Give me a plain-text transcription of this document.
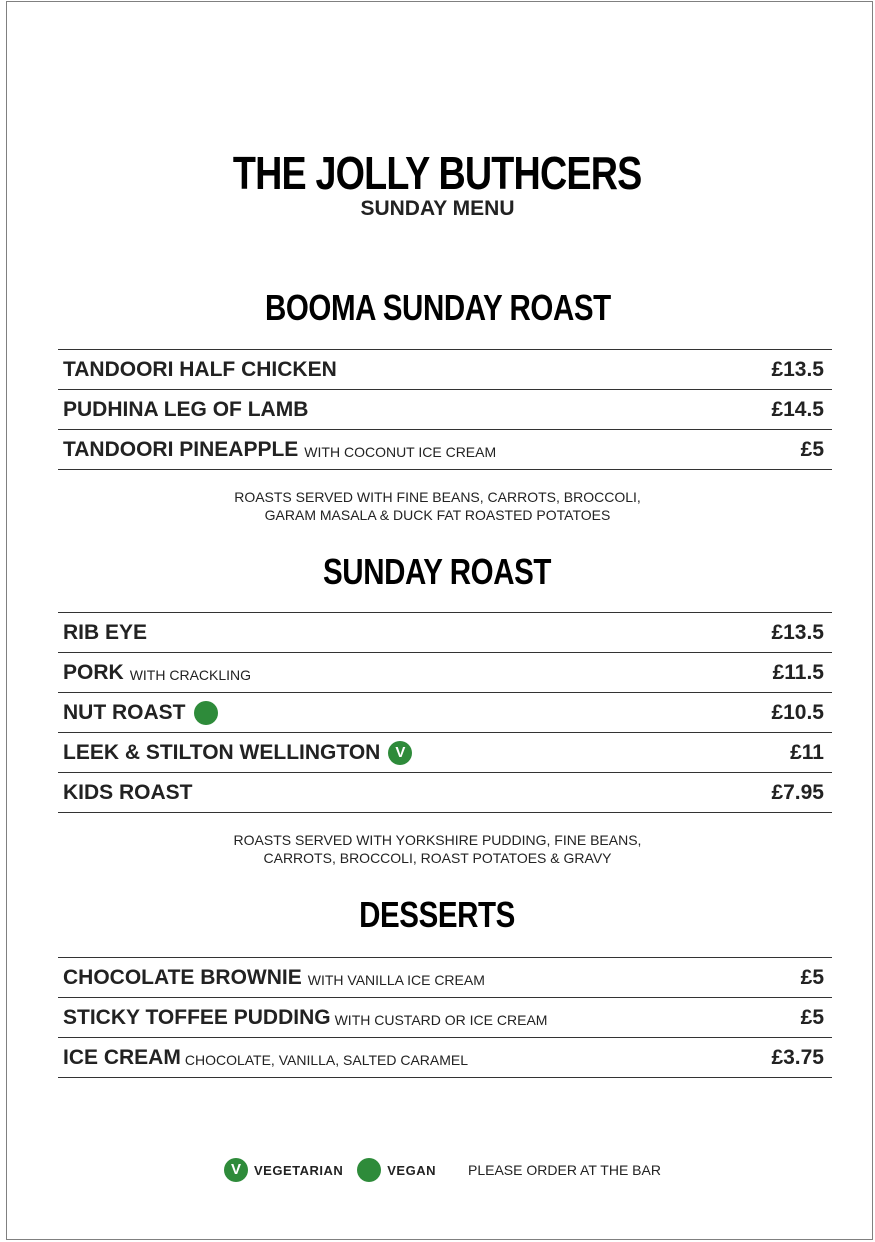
THE JOLLY BUTHCERS
SUNDAY MENU
BOOMA SUNDAY ROAST
TANDOORI HALF CHICKEN	£13.5
PUDHINA LEG OF LAMB	£14.5
TANDOORI PINEAPPLE WITH COCONUT ICE CREAM	£5
ROASTS SERVED WITH FINE BEANS, CARROTS, BROCCOLI,
GARAM MASALA & DUCK FAT ROASTED POTATOES
SUNDAY ROAST
RIB EYE	£13.5
PORK WITH CRACKLING	£11.5
NUT ROAST	£10.5
LEEK & STILTON WELLINGTON V	£11
KIDS ROAST	£7.95
ROASTS SERVED WITH YORKSHIRE PUDDING, FINE BEANS,
CARROTS, BROCCOLI, ROAST POTATOES & GRAVY
DESSERTS
CHOCOLATE BROWNIE WITH VANILLA ICE CREAM	£5
STICKY TOFFEE PUDDING WITH CUSTARD OR ICE CREAM	£5
ICE CREAM CHOCOLATE, VANILLA, SALTED CARAMEL	£3.75
V	VEGETARIAN	VEGAN PLEASE ORDER AT THE BAR
